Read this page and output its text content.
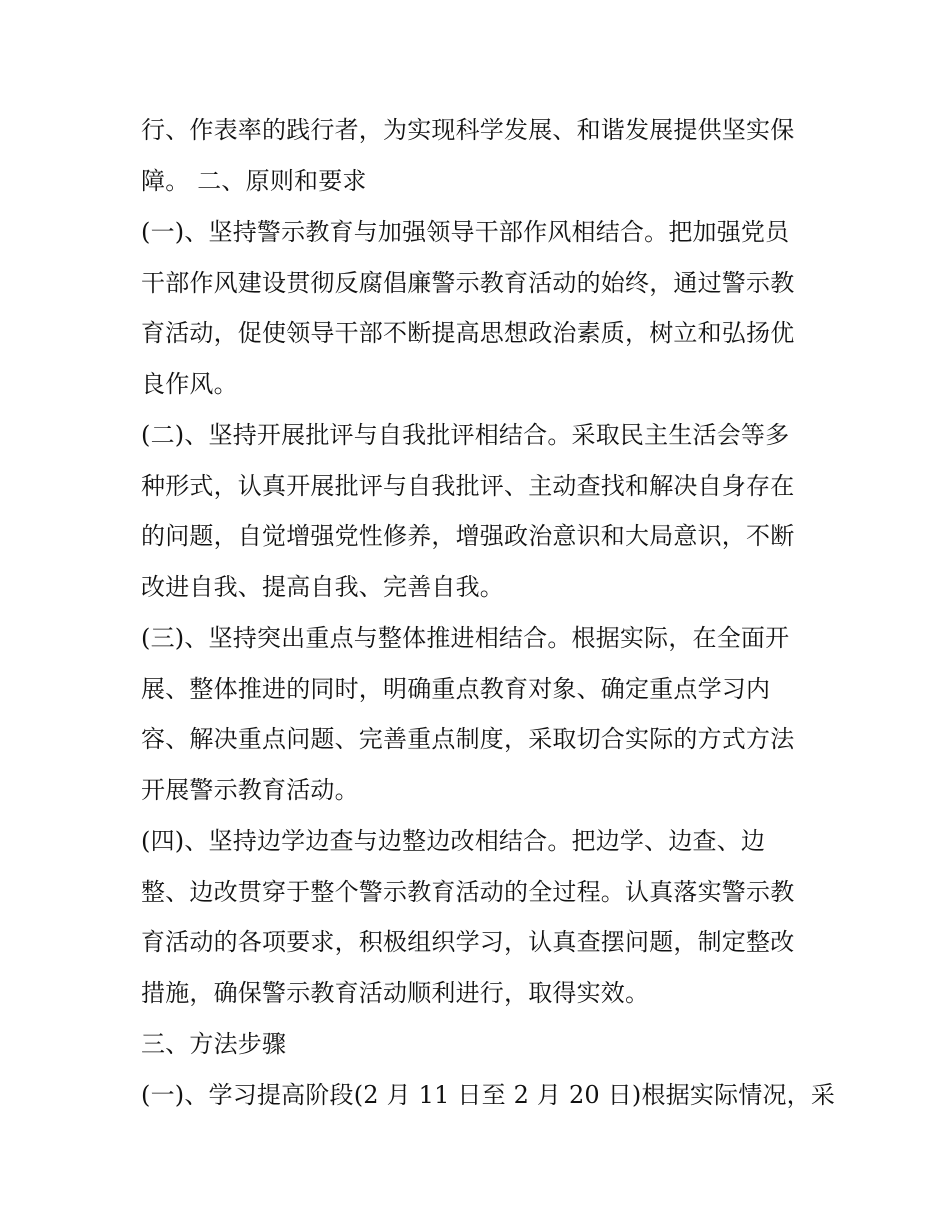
行、作表率的践行者，为实现科学发展、和谐发展提供坚实保
障。 二、原则和要求
(一)、坚持警示教育与加强领导干部作风相结合。把加强党员
干部作风建设贯彻反腐倡廉警示教育活动的始终，通过警示教
育活动，促使领导干部不断提高思想政治素质，树立和弘扬优
良作风。
(二)、坚持开展批评与自我批评相结合。采取民主生活会等多
种形式，认真开展批评与自我批评、主动查找和解决自身存在
的问题，自觉增强党性修养，增强政治意识和大局意识，不断
改进自我、提高自我、完善自我。
(三)、坚持突出重点与整体推进相结合。根据实际，在全面开
展、整体推进的同时，明确重点教育对象、确定重点学习内
容、解决重点问题、完善重点制度，采取切合实际的方式方法
开展警示教育活动。
(四)、坚持边学边查与边整边改相结合。把边学、边查、边
整、边改贯穿于整个警示教育活动的全过程。认真落实警示教
育活动的各项要求，积极组织学习，认真查摆问题，制定整改
措施，确保警示教育活动顺利进行，取得实效。
三、方法步骤
(一)、学习提高阶段(2 月 11 日至 2 月 20 日)根据实际情况，采
